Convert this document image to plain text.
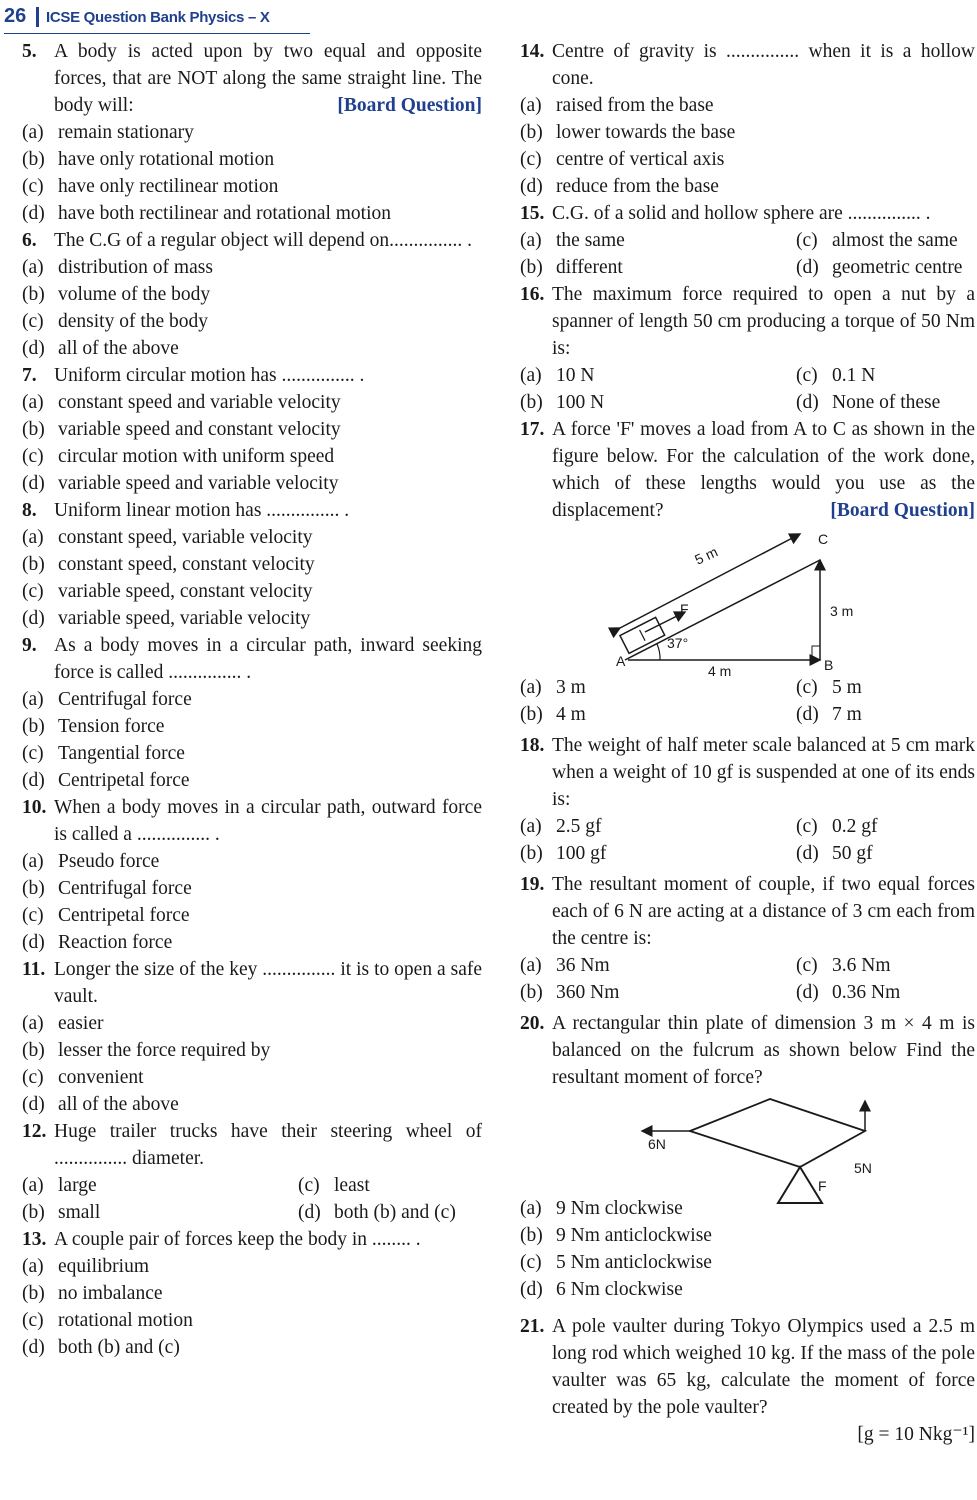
26 ICSE Question Bank Physics – X
5. A body is acted upon by two equal and opposite forces, that are NOT along the same straight line. The body will:	[Board Question]
(a) remain stationary
(b) have only rotational motion
(c) have only rectilinear motion
(d) have both rectilinear and rotational motion
6. The C.G of a regular object will depend on............... .
(a) distribution of mass
(b) volume of the body
(c) density of the body
(d) all of the above
7. Uniform circular motion has ............... .
(a) constant speed and variable velocity
(b) variable speed and constant velocity
(c) circular motion with uniform speed
(d) variable speed and variable velocity
8. Uniform linear motion has ............... .
(a) constant speed, variable velocity
(b) constant speed, constant velocity
(c) variable speed, constant velocity
(d) variable speed, variable velocity
9. As a body moves in a circular path, inward seeking force is called ............... .
(a) Centrifugal force
(b) Tension force
(c) Tangential force
(d) Centripetal force
10. When a body moves in a circular path, outward force is called a ............... .
(a) Pseudo force
(b) Centrifugal force
(c) Centripetal force
(d) Reaction force
11. Longer the size of the key ............... it is to open a safe vault.
(a) easier
(b) lesser the force required by
(c) convenient
(d) all of the above
12. Huge trailer trucks have their steering wheel of ............... diameter.
(a) large	(c) least
(b) small	(d) both (b) and (c)
13. A couple pair of forces keep the body in ........ .
(a) equilibrium
(b) no imbalance
(c) rotational motion
(d) both (b) and (c)
14. Centre of gravity is ............... when it is a hollow cone.
(a) raised from the base
(b) lower towards the base
(c) centre of vertical axis
(d) reduce from the base
15. C.G. of a solid and hollow sphere are ............... .
(a) the same	(c) almost the same
(b) different	(d) geometric centre
16. The maximum force required to open a nut by a spanner of length 50 cm producing a torque of 50 Nm is:
(a) 10 N	(c) 0.1 N
(b) 100 N	(d) None of these
17. A force 'F' moves a load from A to C as shown in the figure below. For the calculation of the work done, which of these lengths would you use as the displacement?	[Board Question]
5 m
F
37°
A
4 m	B
C
3 m
(a) 3 m	(c) 5 m
(b) 4 m	(d) 7 m
18. The weight of half meter scale balanced at 5 cm mark when a weight of 10 gf is suspended at one of its ends is:
(a) 2.5 gf	(c) 0.2 gf
(b) 100 gf	(d) 50 gf
19. The resultant moment of couple, if two equal forces each of 6 N are acting at a distance of 3 cm each from the centre is:
(a) 36 Nm	(c) 3.6 Nm
(b) 360 Nm	(d) 0.36 Nm
20. A rectangular thin plate of dimension 3 m × 4 m is balanced on the fulcrum as shown below Find the resultant moment of force?
6N
5N
F
(a) 9 Nm clockwise
(b) 9 Nm anticlockwise
(c) 5 Nm anticlockwise
(d) 6 Nm clockwise
21. A pole vaulter during Tokyo Olympics used a 2.5 m long rod which weighed 10 kg. If the mass of the pole vaulter was 65 kg, calculate the moment of force created by the pole vaulter?
[g = 10 Nkg⁻¹]
